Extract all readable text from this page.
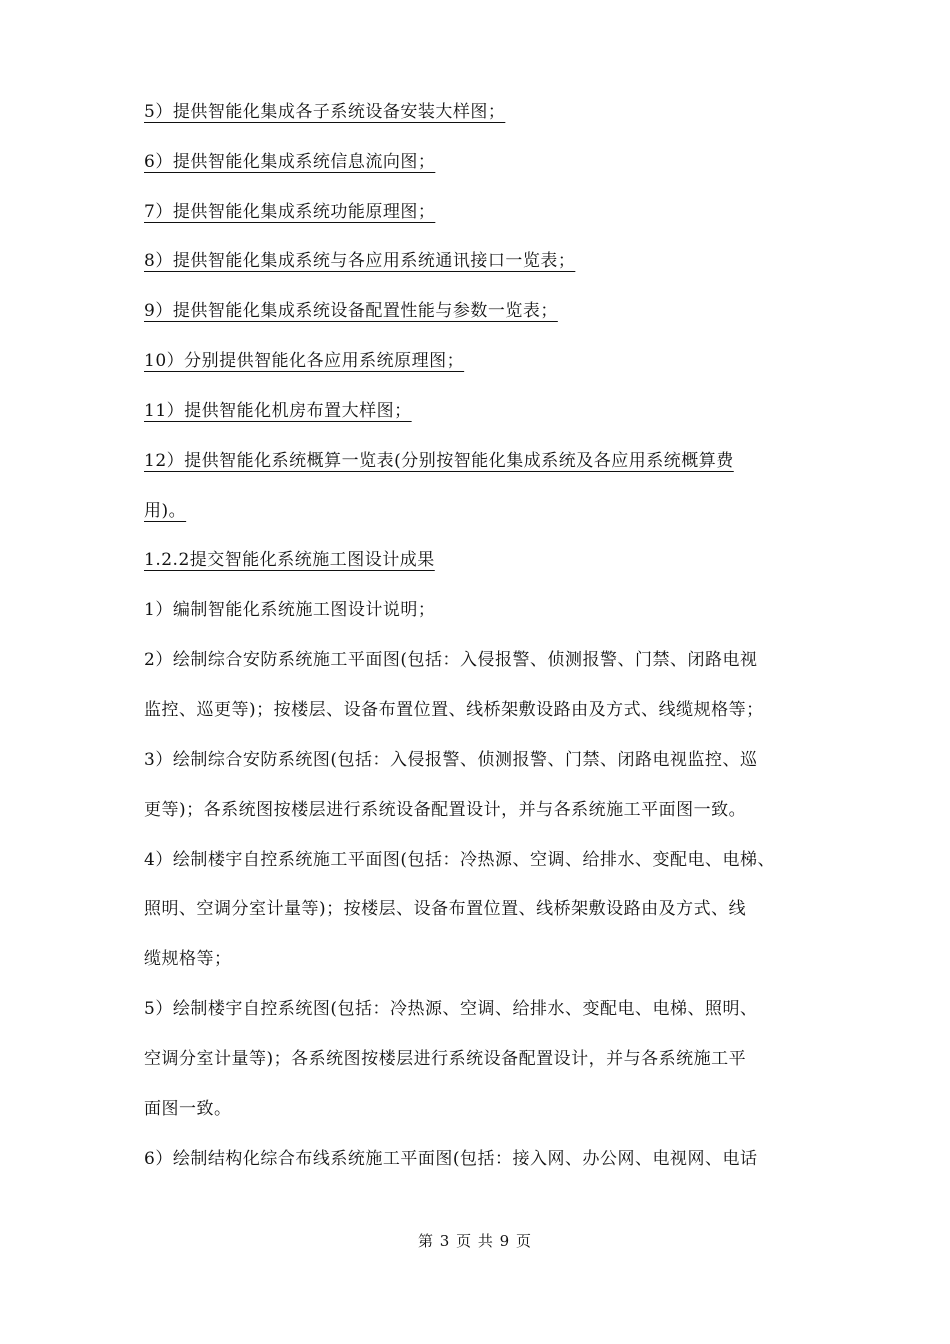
5）提供智能化集成各子系统设备安装大样图；
6）提供智能化集成系统信息流向图；
7）提供智能化集成系统功能原理图；
8）提供智能化集成系统与各应用系统通讯接口一览表；
9）提供智能化集成系统设备配置性能与参数一览表；
10）分别提供智能化各应用系统原理图；
11）提供智能化机房布置大样图；
12）提供智能化系统概算一览表(分别按智能化集成系统及各应用系统概算费
用)。
1.2.2提交智能化系统施工图设计成果
1）编制智能化系统施工图设计说明；
2）绘制综合安防系统施工平面图(包括：入侵报警、侦测报警、门禁、闭路电视
监控、巡更等)；按楼层、设备布置位置、线桥架敷设路由及方式、线缆规格等；
3）绘制综合安防系统图(包括：入侵报警、侦测报警、门禁、闭路电视监控、巡
更等)；各系统图按楼层进行系统设备配置设计，并与各系统施工平面图一致。
4）绘制楼宇自控系统施工平面图(包括：冷热源、空调、给排水、变配电、电梯、
照明、空调分室计量等)；按楼层、设备布置位置、线桥架敷设路由及方式、线
缆规格等；
5）绘制楼宇自控系统图(包括：冷热源、空调、给排水、变配电、电梯、照明、
空调分室计量等)；各系统图按楼层进行系统设备配置设计，并与各系统施工平
面图一致。
6）绘制结构化综合布线系统施工平面图(包括：接入网、办公网、电视网、电话
第 3 页 共 9 页
